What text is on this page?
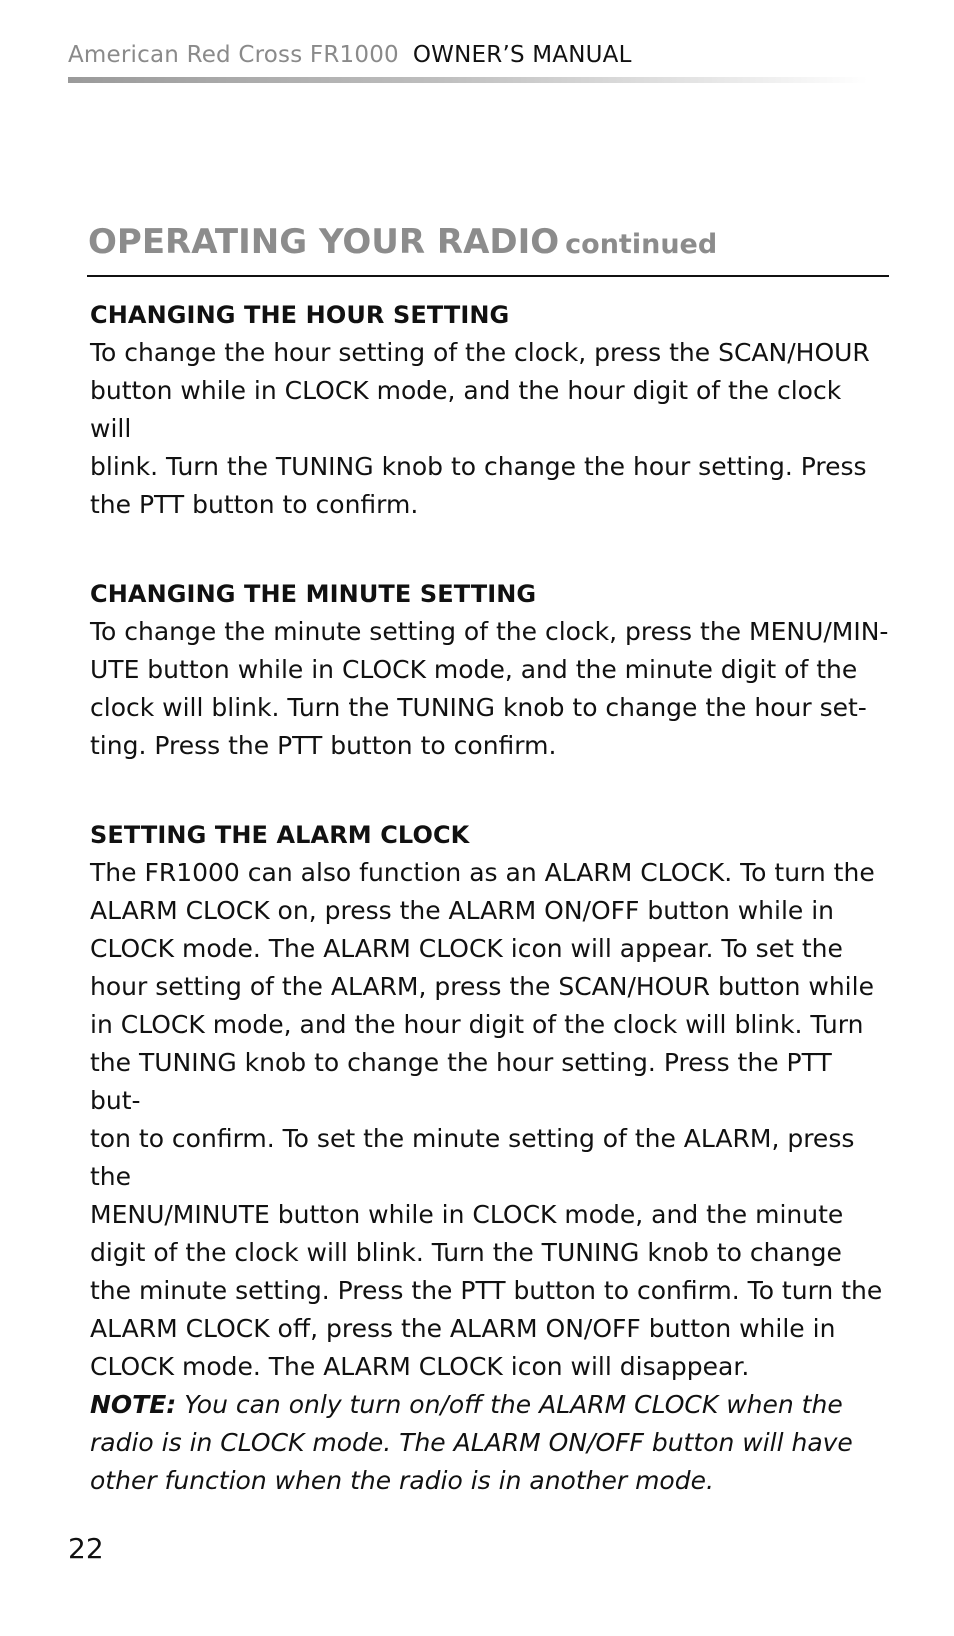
American Red Cross FR1000 OWNER’S MANUAL
OPERATING YOUR RADIO continued
CHANGING THE HOUR SETTING

To change the hour setting of the clock, press the SCAN/HOUR
button while in CLOCK mode, and the hour digit of the clock will
blink. Turn the TUNING knob to change the hour setting. Press
the PTT button to confirm.

CHANGING THE MINUTE SETTING

To change the minute setting of the clock, press the MENU/MIN-
UTE button while in CLOCK mode, and the minute digit of the
clock will blink. Turn the TUNING knob to change the hour set-
ting. Press the PTT button to confirm.

SETTING THE ALARM CLOCK

The FR1000 can also function as an ALARM CLOCK. To turn the
ALARM CLOCK on, press the ALARM ON/OFF button while in
CLOCK mode. The ALARM CLOCK icon will appear. To set the
hour setting of the ALARM, press the SCAN/HOUR button while
in CLOCK mode, and the hour digit of the clock will blink. Turn
the TUNING knob to change the hour setting. Press the PTT but-
ton to confirm. To set the minute setting of the ALARM, press the
MENU/MINUTE button while in CLOCK mode, and the minute
digit of the clock will blink. Turn the TUNING knob to change
the minute setting. Press the PTT button to confirm. To turn the
ALARM CLOCK off, press the ALARM ON/OFF button while in
CLOCK mode. The ALARM CLOCK icon will disappear.
NOTE: You can only turn on/off the ALARM CLOCK when the
radio is in CLOCK mode. The ALARM ON/OFF button will have
other function when the radio is in another mode.

22
